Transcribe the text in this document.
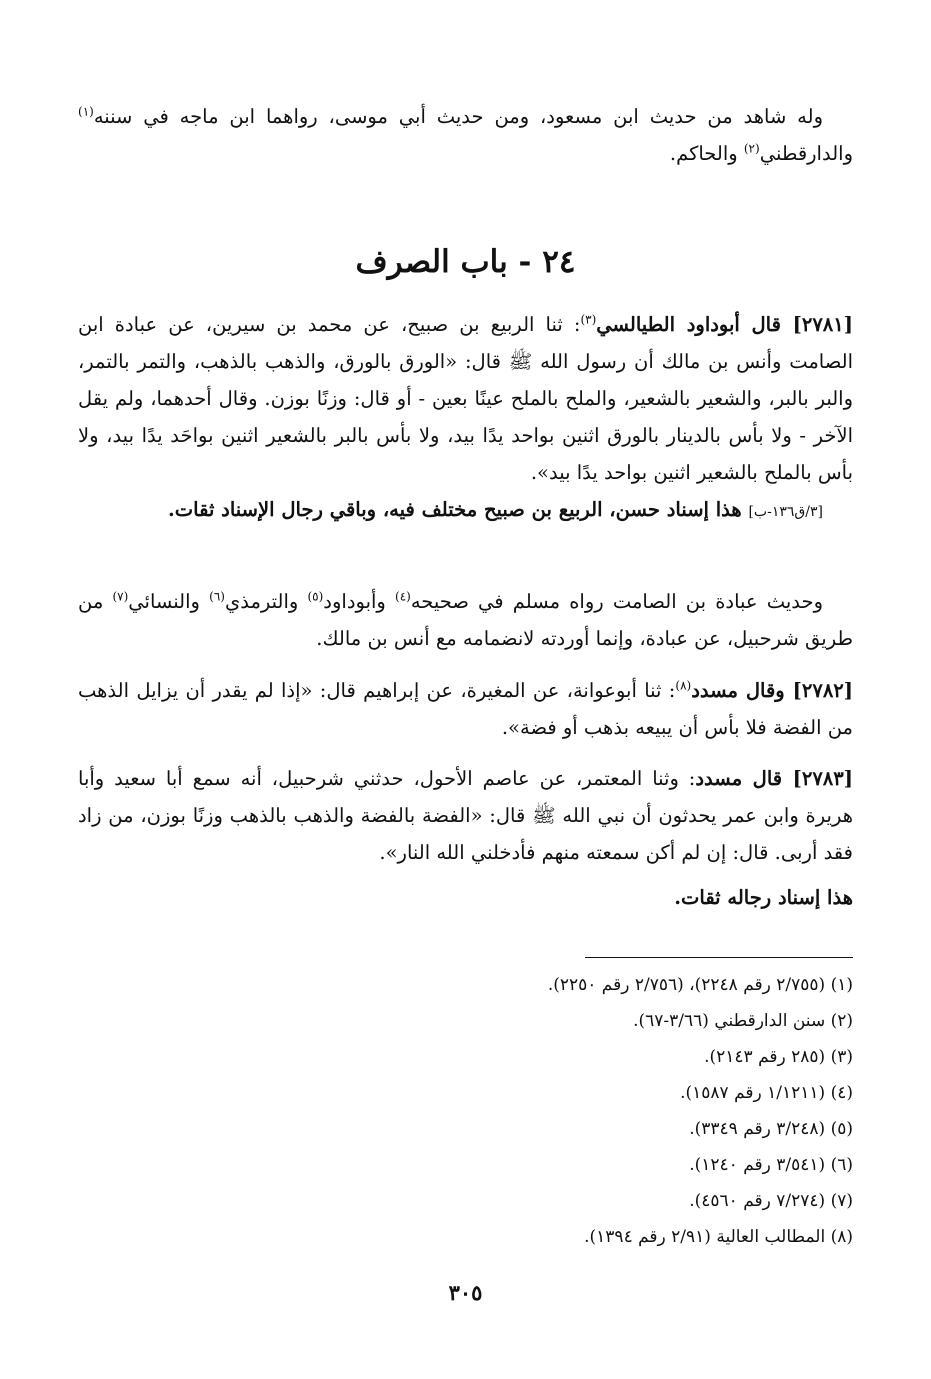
وله شاهد من حديث ابن مسعود، ومن حديث أبي موسى، رواهما ابن ماجه في سننه$^{(١)}$ والدارقطني$^{(٢)}$ والحاكم.

٢٤ - باب الصرف

[٢٧٨١] قال أبوداود الطيالسي$^{(٣)}$: ثنا الربيع بن صبيح، عن محمد بن سيرين، عن عبادة ابن الصامت وأنس بن مالك أن رسول الله ﷺ قال: «الورق بالورق، والذهب بالذهب، والتمر بالتمر، والبر بالبر، والشعير بالشعير، والملح بالملح عينًا بعين - أو قال: وزنًا بوزن. وقال أحدهما، ولم يقل الآخر - ولا بأس بالدينار بالورق اثنين بواحد يدًا بيد، ولا بأس بالبر بالشعير اثنين بواحَد يدًا بيد، ولا بأس بالملح بالشعير اثنين بواحد يدًا بيد».

[٣/ق١٣٦-ب] هذا إسناد حسن، الربيع بن صبيح مختلف فيه، وباقي رجال الإسناد ثقات.

وحديث عبادة بن الصامت رواه مسلم في صحيحه$^{(٤)}$ وأبوداود$^{(٥)}$ والترمذي$^{(٦)}$ والنسائي$^{(٧)}$ من طريق شرحبيل، عن عبادة، وإنما أوردته لانضمامه مع أنس بن مالك.

[٢٧٨٢] وقال مسدد$^{(٨)}$: ثنا أبوعوانة، عن المغيرة، عن إبراهيم قال: «إذا لم يقدر أن يزايل الذهب من الفضة فلا بأس أن يبيعه بذهب أو فضة».

[٢٧٨٣] قال مسدد: وثنا المعتمر، عن عاصم الأحول، حدثني شرحبيل، أنه سمع أبا سعيد وأبا هريرة وابن عمر يحدثون أن نبي الله ﷺ قال: «الفضة بالفضة والذهب بالذهب وزنًا بوزن، من زاد فقد أربى. قال: إن لم أكن سمعته منهم فأدخلني الله النار».

هذا إسناد رجاله ثقات.

(١) (٢/٧٥٥ رقم ٢٢٤٨)، (٢/٧٥٦ رقم ٢٢٥٠).
(٢) سنن الدارقطني (٣/٦٦-٦٧).
(٣) (٢٨٥ رقم ٢١٤٣).
(٤) (١/١٢١١ رقم ١٥٨٧).
(٥) (٣/٢٤٨ رقم ٣٣٤٩).
(٦) (٣/٥٤١ رقم ١٢٤٠).
(٧) (٧/٢٧٤ رقم ٤٥٦٠).
(٨) المطالب العالية (٢/٩١ رقم ١٣٩٤).
٣٠٥
